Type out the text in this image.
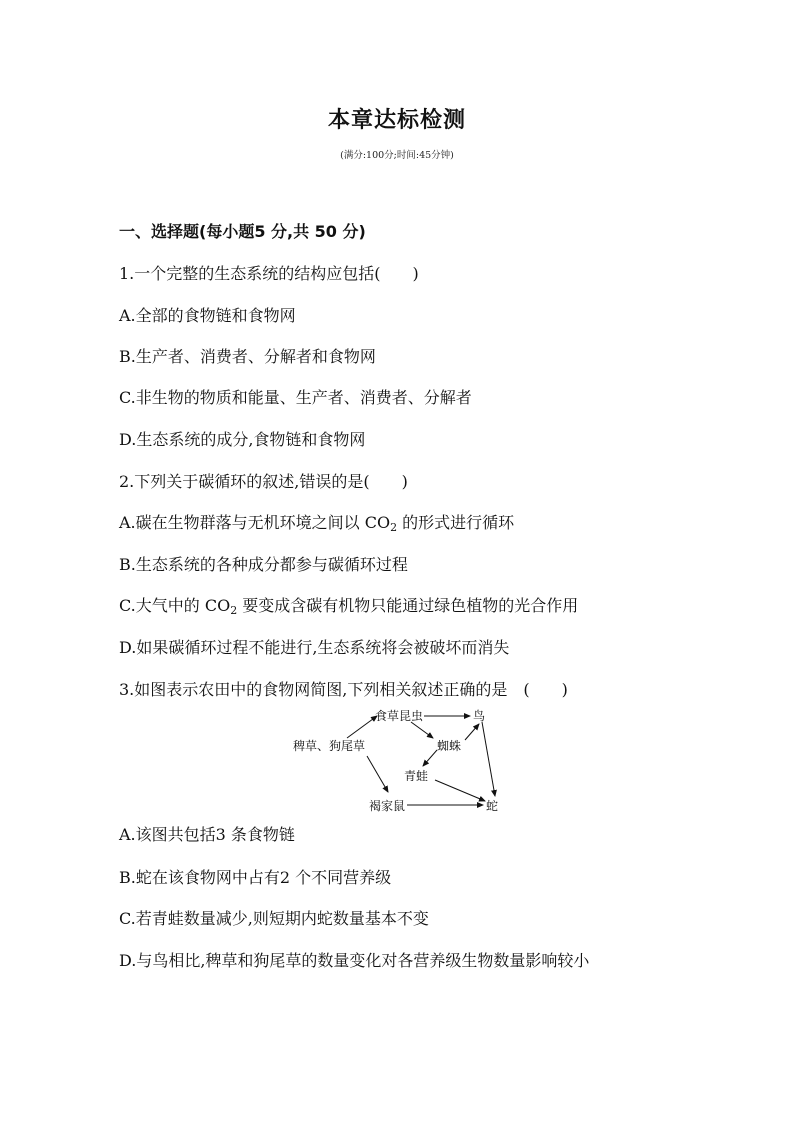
本章达标检测
(满分:100分;时间:45分钟)
一、选择题(每小题5 分,共 50 分)
1.一个完整的生态系统的结构应包括(　　)
A.全部的食物链和食物网
B.生产者、消费者、分解者和食物网
C.非生物的物质和能量、生产者、消费者、分解者
D.生态系统的成分,食物链和食物网
2.下列关于碳循环的叙述,错误的是(　　)
A.碳在生物群落与无机环境之间以 $CO_2$ 的形式进行循环
B.生态系统的各种成分都参与碳循环过程
C.大气中的 $CO_2$ 要变成含碳有机物只能通过绿色植物的光合作用
D.如果碳循环过程不能进行,生态系统将会被破坏而消失
3.如图表示农田中的食物网简图,下列相关叙述正确的是　(　　)
食草昆虫	鸟
稗草、狗尾草	蜘蛛
青蛙
褐家鼠	蛇
A.该图共包括3 条食物链
B.蛇在该食物网中占有2 个不同营养级
C.若青蛙数量减少,则短期内蛇数量基本不变
D.与鸟相比,稗草和狗尾草的数量变化对各营养级生物数量影响较小
